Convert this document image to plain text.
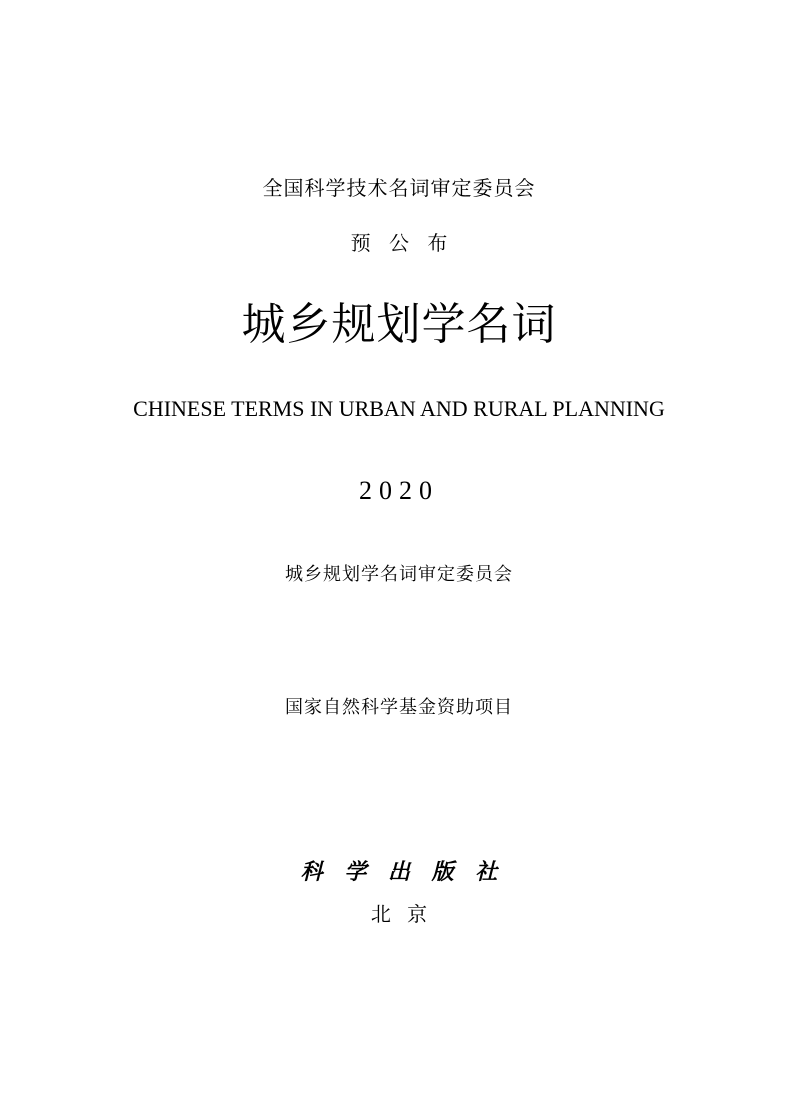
全国科学技术名词审定委员会
预 公 布
城乡规划学名词
CHINESE TERMS IN URBAN AND RURAL PLANNING
2020
城乡规划学名词审定委员会
国家自然科学基金资助项目
科 学 出 版 社
北 京
